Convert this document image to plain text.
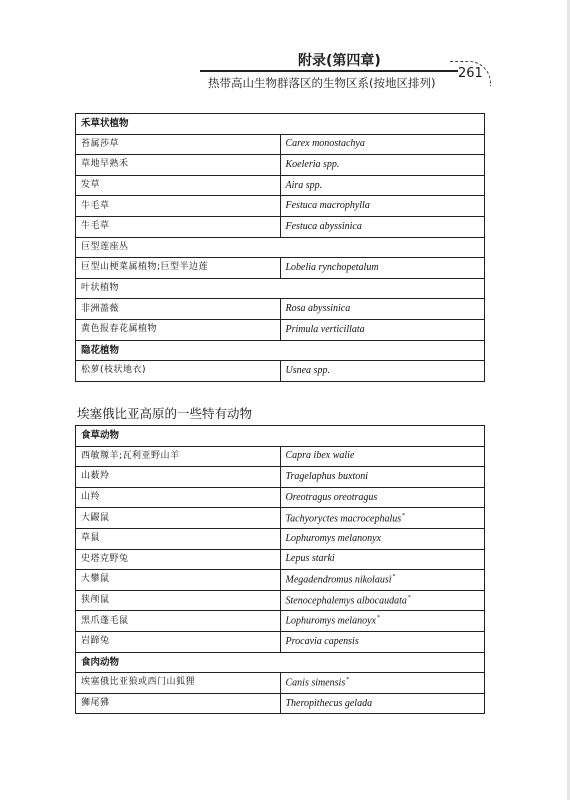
附录(第四章)
热带高山生物群落区的生物区系(按地区排列)
261
禾草状植物	
苔属莎草	Carex monostachya
草地早熟禾	Koeleria spp.
发草	Aira spp.
牛毛草	Festuca macrophylla
牛毛草	Festuca abyssinica
巨型莲座丛	
巨型山梗菜属植物;巨型半边莲	Lobelia rynchopetalum
叶状植物	
非洲蔷薇	Rosa abyssinica
黄色报春花属植物	Primula verticillata
隐花植物	
松萝(枝状地衣)	Usnea spp.
埃塞俄比亚高原的一些特有动物
食草动物	
西敏羱羊;瓦利亚野山羊	Capra ibex walie
山薮羚	Tragelaphus buxtoni
山羚	Oreotragus oreotragus
大鼹鼠	Tachyoryctes macrocephalus*
草鼠	Lophuromys melanonyx
史塔克野兔	Lepus starki
大攀鼠	Megadendromus nikolausi*
狭颅鼠	Stenocephalemys albocaudata*
黑爪蓬毛鼠	Lophuromys melanoyx*
岩蹄兔	Procavia capensis
食肉动物	
埃塞俄比亚狼或西门山狐狸	Canis simensis*
狮尾狒	Theropithecus gelada
